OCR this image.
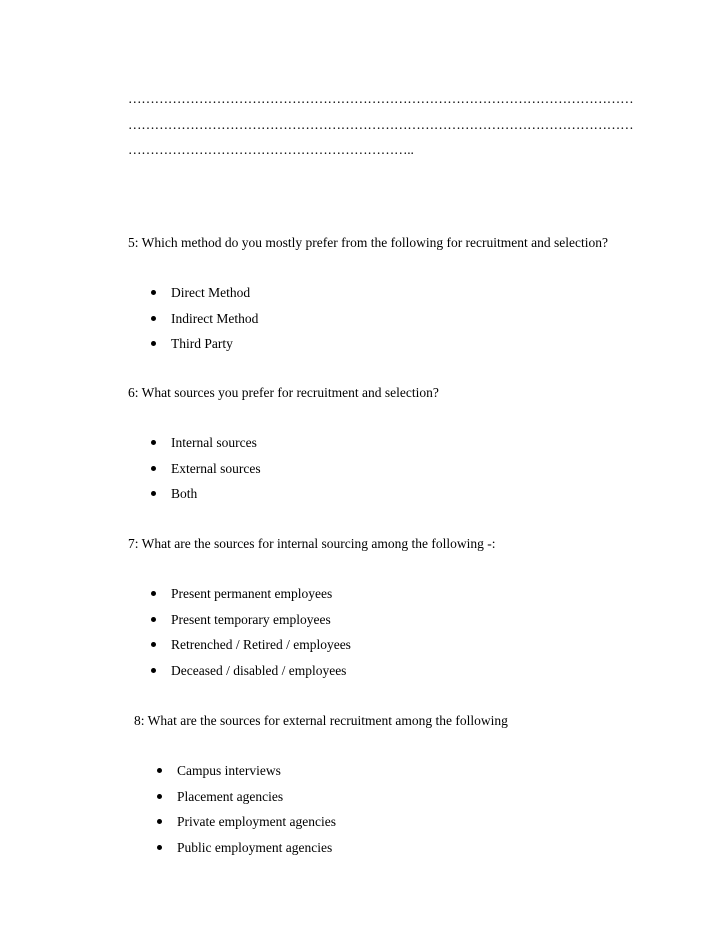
……………………………………………………………………………………………………
……………………………………………………………………………………………………
………………………………………………………..
5: Which method do you mostly prefer from the following for recruitment and selection?
Direct Method
Indirect Method
Third Party
6: What sources you prefer for recruitment and selection?
Internal sources
External sources
Both
7: What are the sources for internal sourcing among the following -:
Present permanent employees
Present temporary employees
Retrenched / Retired / employees
Deceased / disabled / employees
8: What are the sources for external recruitment among the following
Campus interviews
Placement agencies
Private employment agencies
Public employment agencies
